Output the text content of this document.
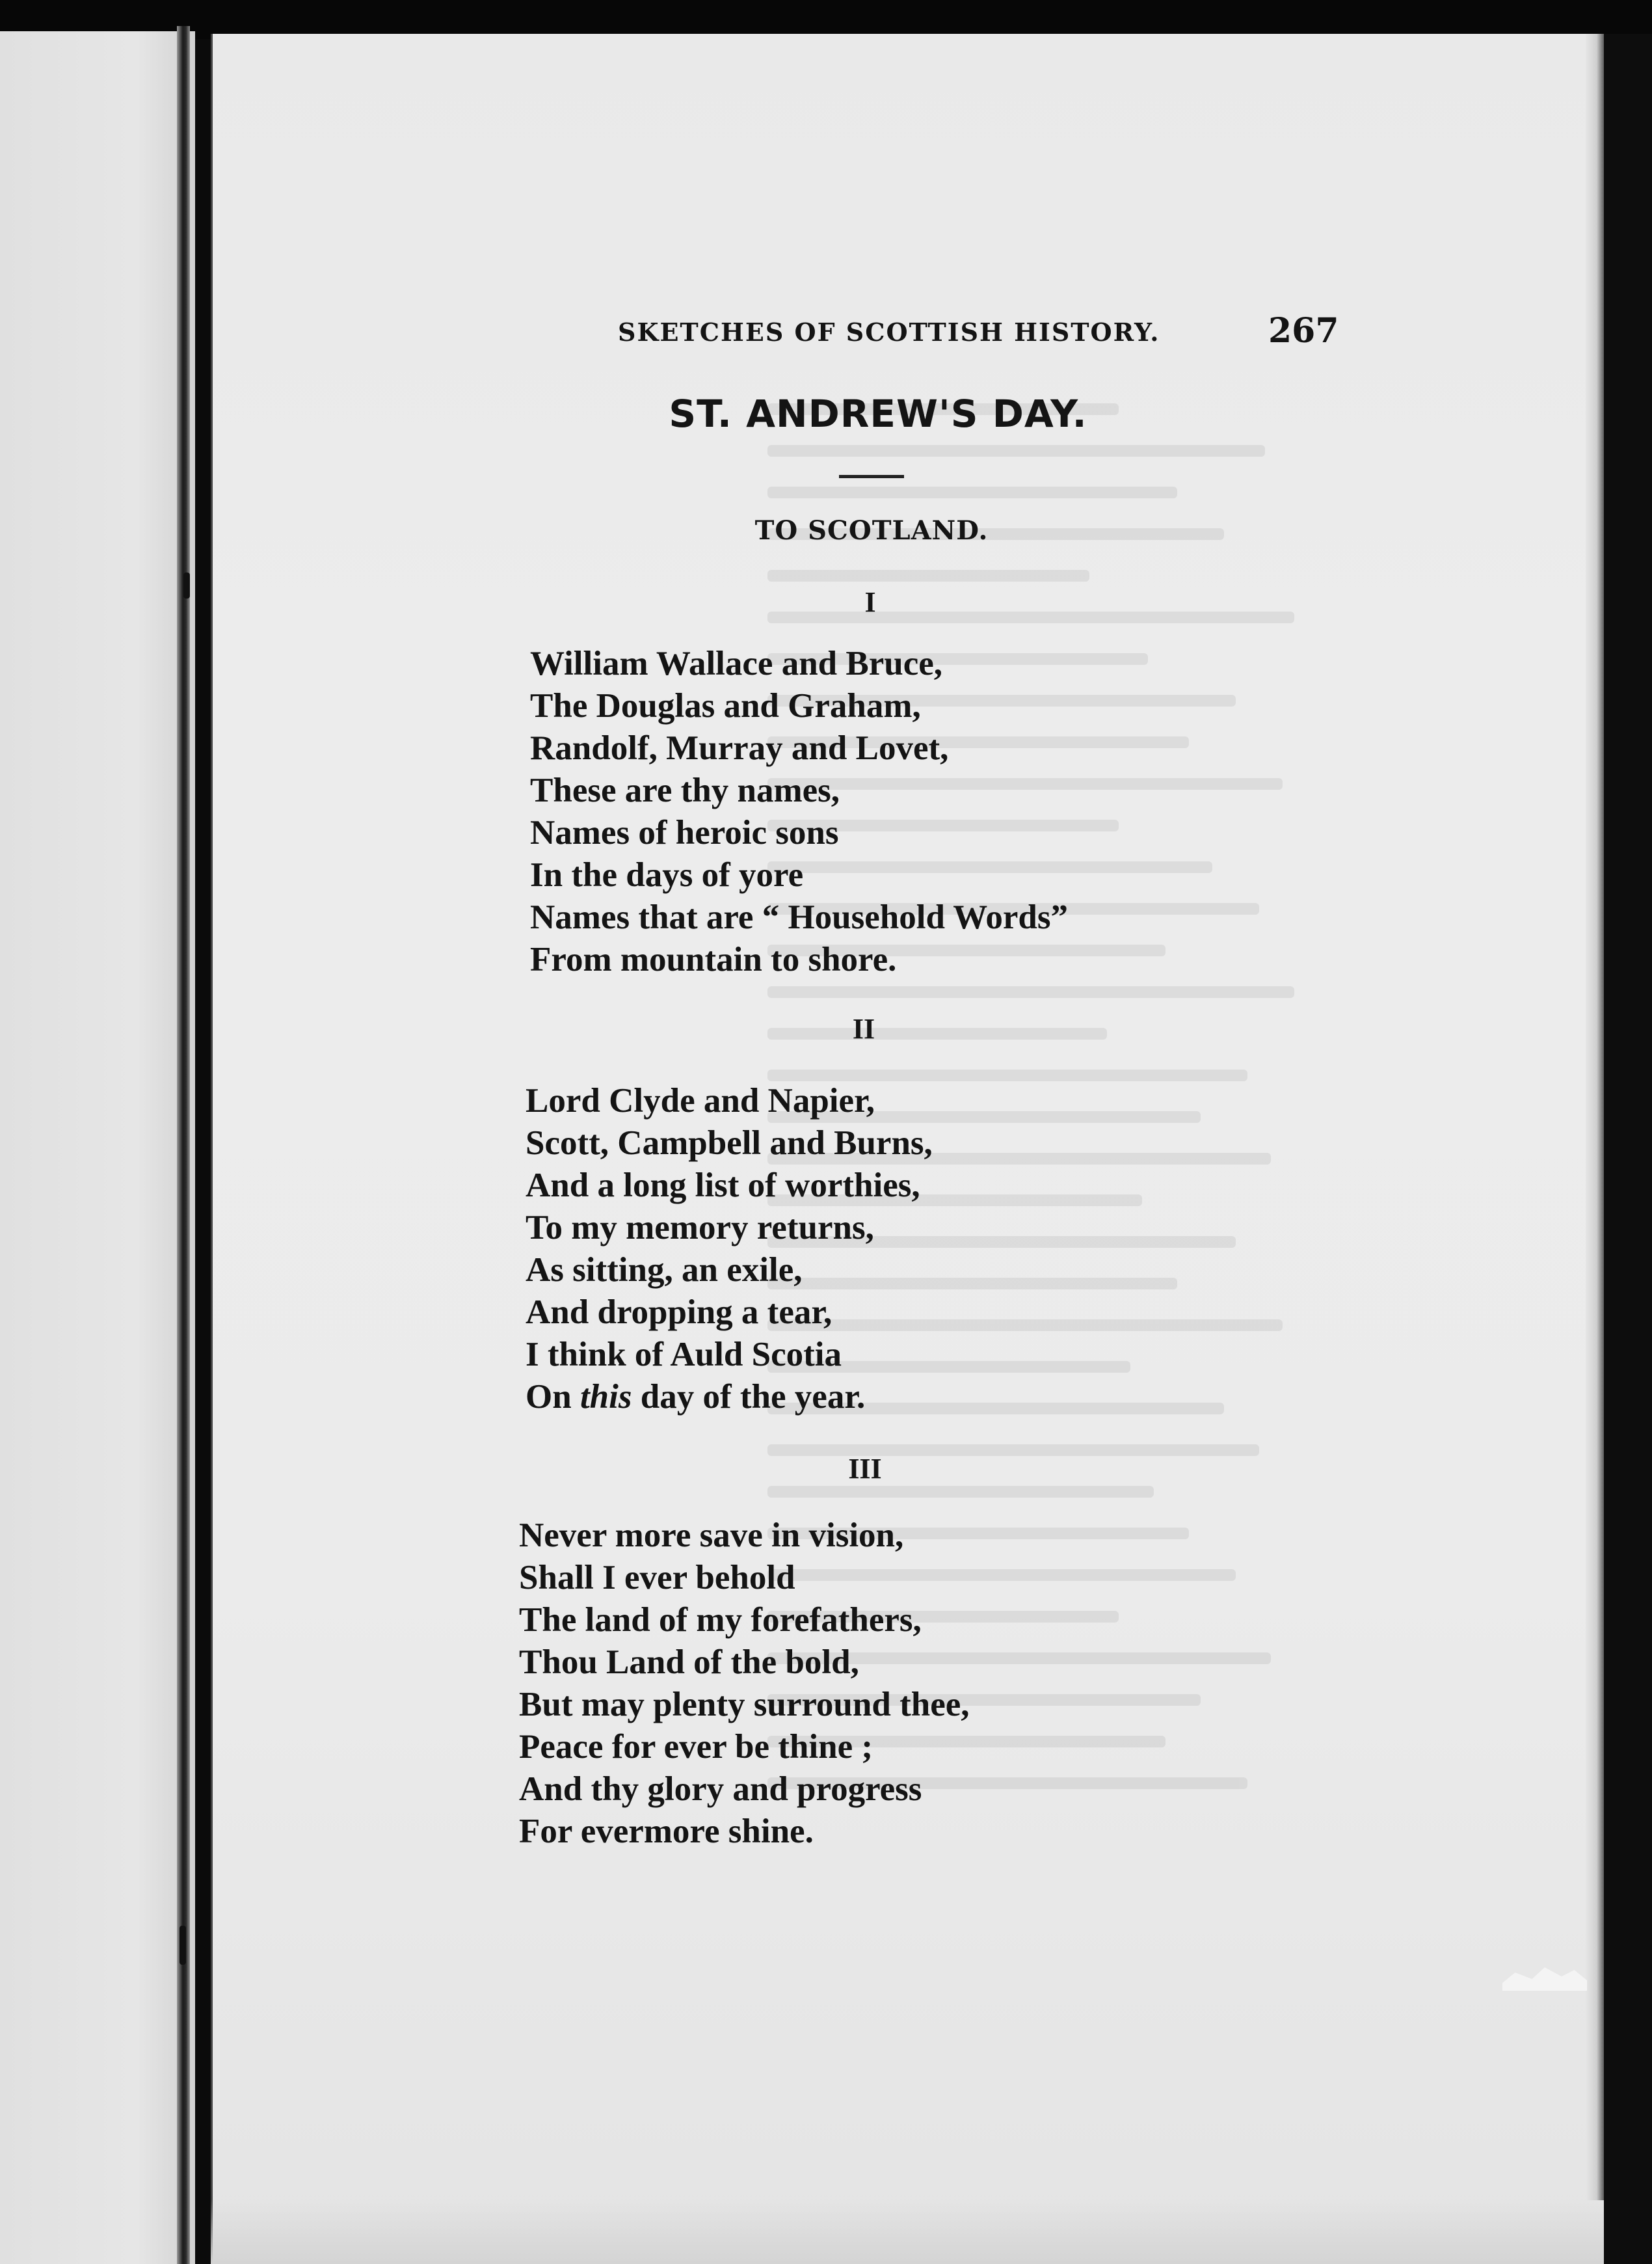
SKETCHES OF SCOTTISH HISTORY.	267
ST. ANDREW'S DAY.
TO SCOTLAND.
I
William Wallace and Bruce,
The Douglas and Graham,
Randolf, Murray and Lovet,
These are thy names,
Names of heroic sons
In the days of yore
Names that are “ Household Words”
From mountain to shore.
II
Lord Clyde and Napier,
Scott, Campbell and Burns,
And a long list of worthies,
To my memory returns,
As sitting, an exile,
And dropping a tear,
I think of Auld Scotia
On this day of the year.
III
Never more save in vision,
Shall I ever behold
The land of my forefathers,
Thou Land of the bold,
But may plenty surround thee,
Peace for ever be thine ;
And thy glory and progress
For evermore shine.
